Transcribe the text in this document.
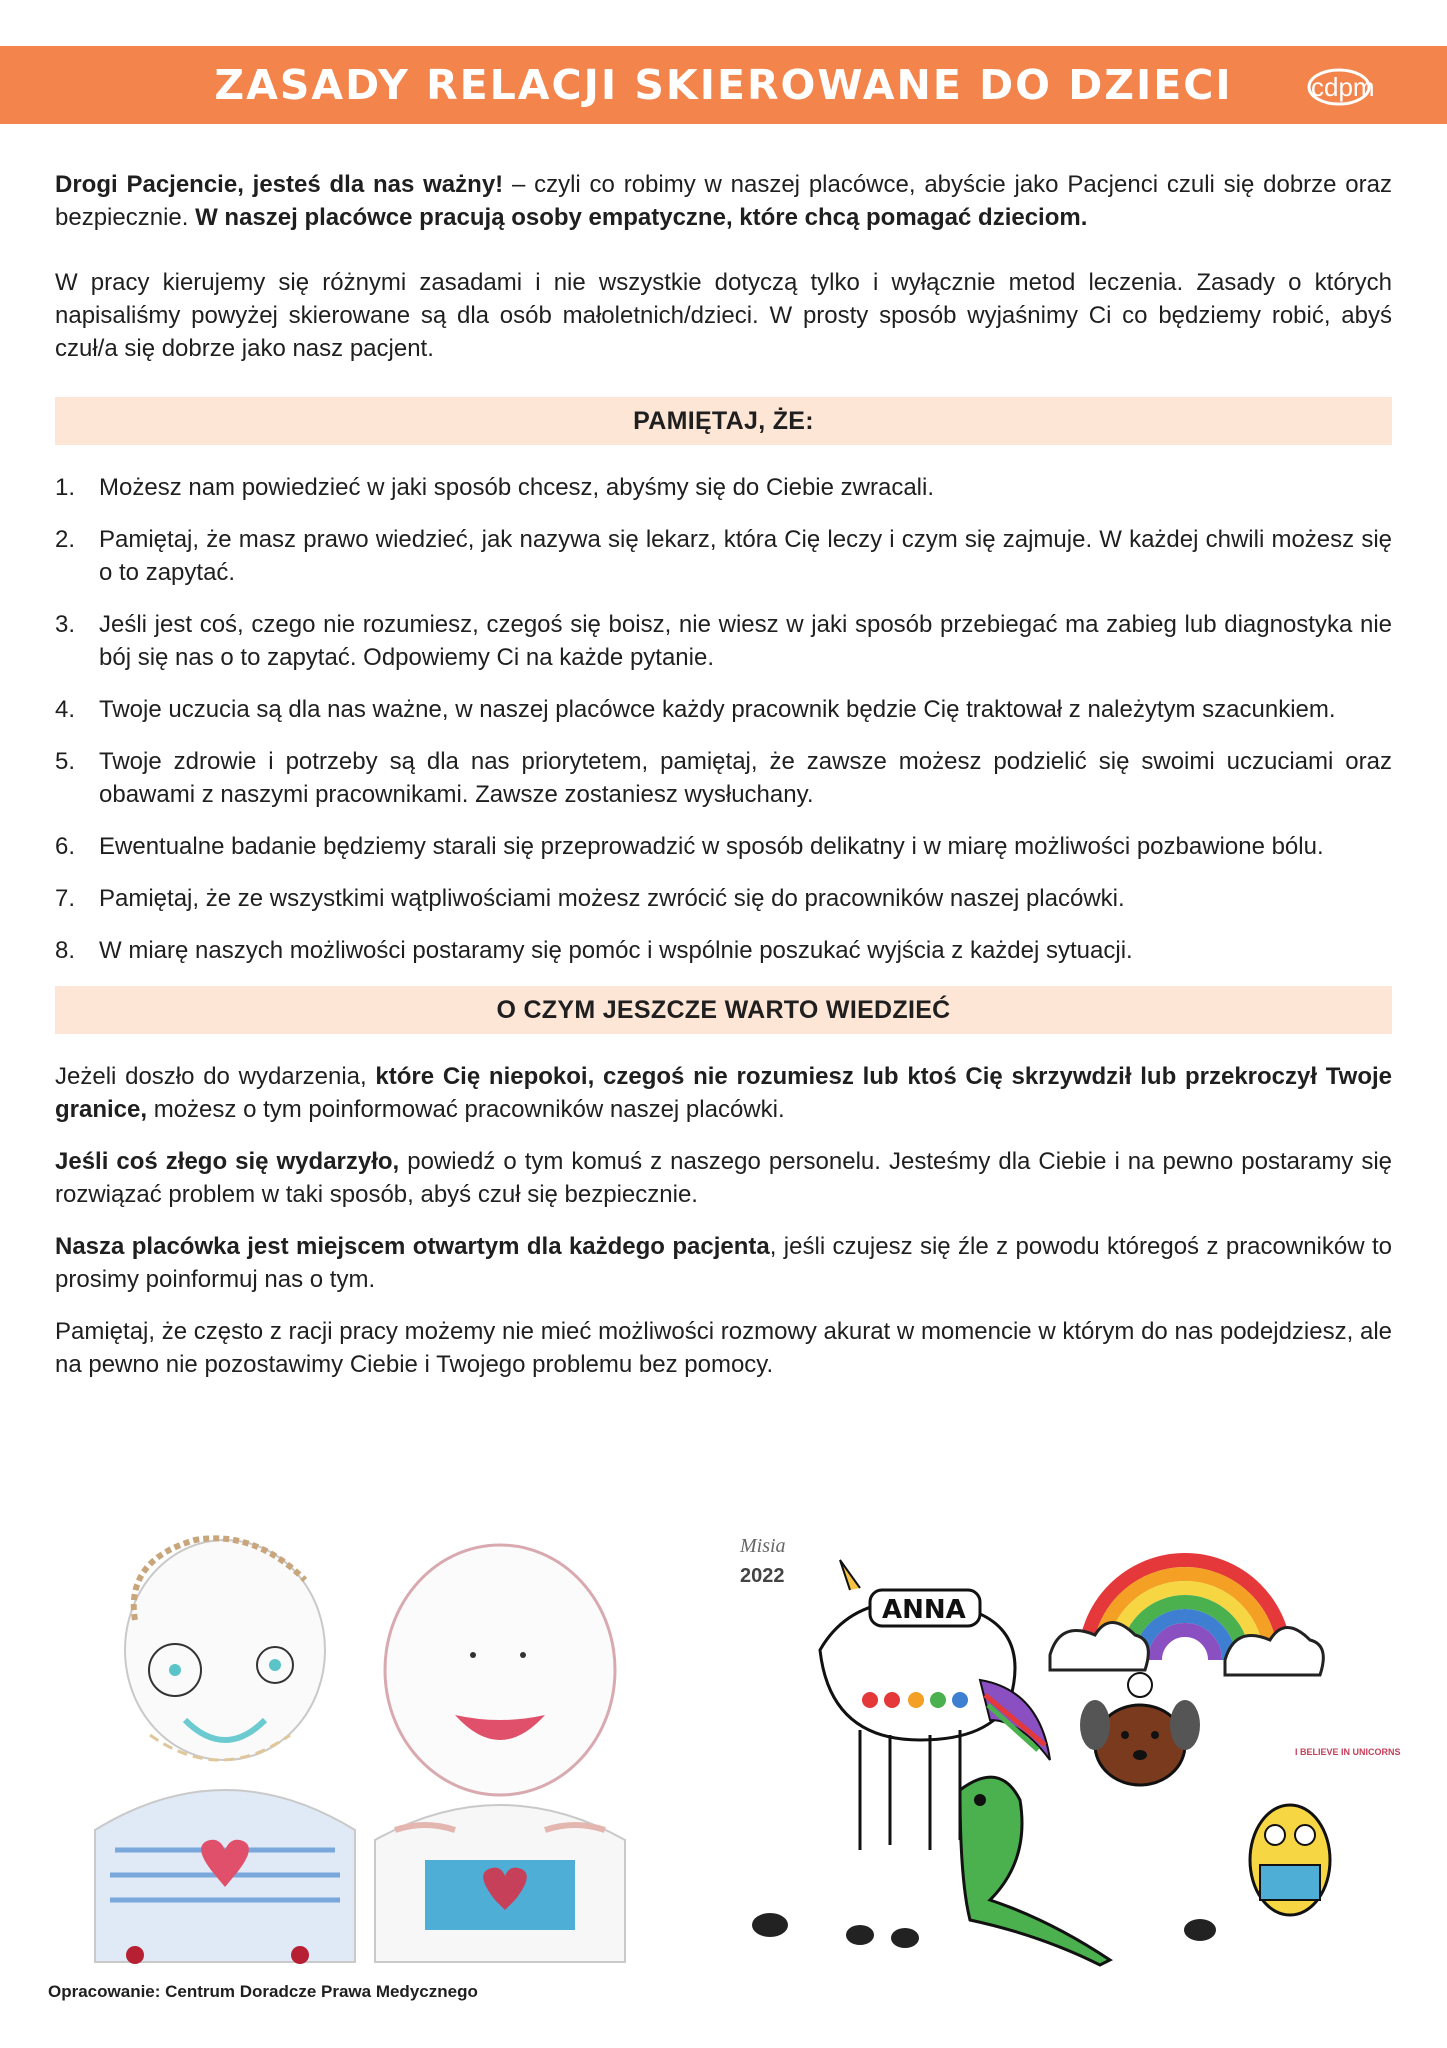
ZASADY RELACJI SKIEROWANE DO DZIECI	cdpm

Drogi Pacjencie, jesteś dla nas ważny! – czyli co robimy w naszej placówce, abyście jako Pacjenci czuli się dobrze oraz bezpiecznie. W naszej placówce pracują osoby empatyczne, które chcą pomagać dzieciom.

W pracy kierujemy się różnymi zasadami i nie wszystkie dotyczą tylko i wyłącznie metod leczenia. Zasady o których napisaliśmy powyżej skierowane są dla osób małoletnich/dzieci. W prosty sposób wyjaśnimy Ci co będziemy robić, abyś czuł/a się dobrze jako nasz pacjent.

PAMIĘTAJ, ŻE:
1. Możesz nam powiedzieć w jaki sposób chcesz, abyśmy się do Ciebie zwracali.
2. Pamiętaj, że masz prawo wiedzieć, jak nazywa się lekarz, która Cię leczy i czym się zajmuje. W każdej chwili możesz się o to zapytać.
3. Jeśli jest coś, czego nie rozumiesz, czegoś się boisz, nie wiesz w jaki sposób przebiegać ma zabieg lub diagnostyka nie bój się nas o to zapytać. Odpowiemy Ci na każde pytanie.
4. Twoje uczucia są dla nas ważne, w naszej placówce każdy pracownik będzie Cię traktował z należytym szacunkiem.
5. Twoje zdrowie i potrzeby są dla nas priorytetem, pamiętaj, że zawsze możesz podzielić się swoimi uczuciami oraz obawami z naszymi pracownikami. Zawsze zostaniesz wysłuchany.
6. Ewentualne badanie będziemy starali się przeprowadzić w sposób delikatny i w miarę możliwości pozbawione bólu.
7. Pamiętaj, że ze wszystkimi wątpliwościami możesz zwrócić się do pracowników naszej placówki.
8. W miarę naszych możliwości postaramy się pomóc i wspólnie poszukać wyjścia z każdej sytuacji.
O CZYM JESZCZE WARTO WIEDZIEĆ

Jeżeli doszło do wydarzenia, które Cię niepokoi, czegoś nie rozumiesz lub ktoś Cię skrzywdził lub przekroczył Twoje granice, możesz o tym poinformować pracowników naszej placówki.

Jeśli coś złego się wydarzyło, powiedź o tym komuś z naszego personelu. Jesteśmy dla Ciebie i na pewno postaramy się rozwiązać problem w taki sposób, abyś czuł się bezpiecznie.

Nasza placówka jest miejscem otwartym dla każdego pacjenta, jeśli czujesz się źle z powodu któregoś z pracowników to prosimy poinformuj nas o tym.

Pamiętaj, że często z racji pracy możemy nie mieć możliwości rozmowy akurat w momencie w którym do nas podejdziesz, ale na pewno nie pozostawimy Ciebie i Twojego problemu bez pomocy.

Misia
2022
ANNA
I BELIEVE IN UNICORNS
Opracowanie: Centrum Doradcze Prawa Medycznego
